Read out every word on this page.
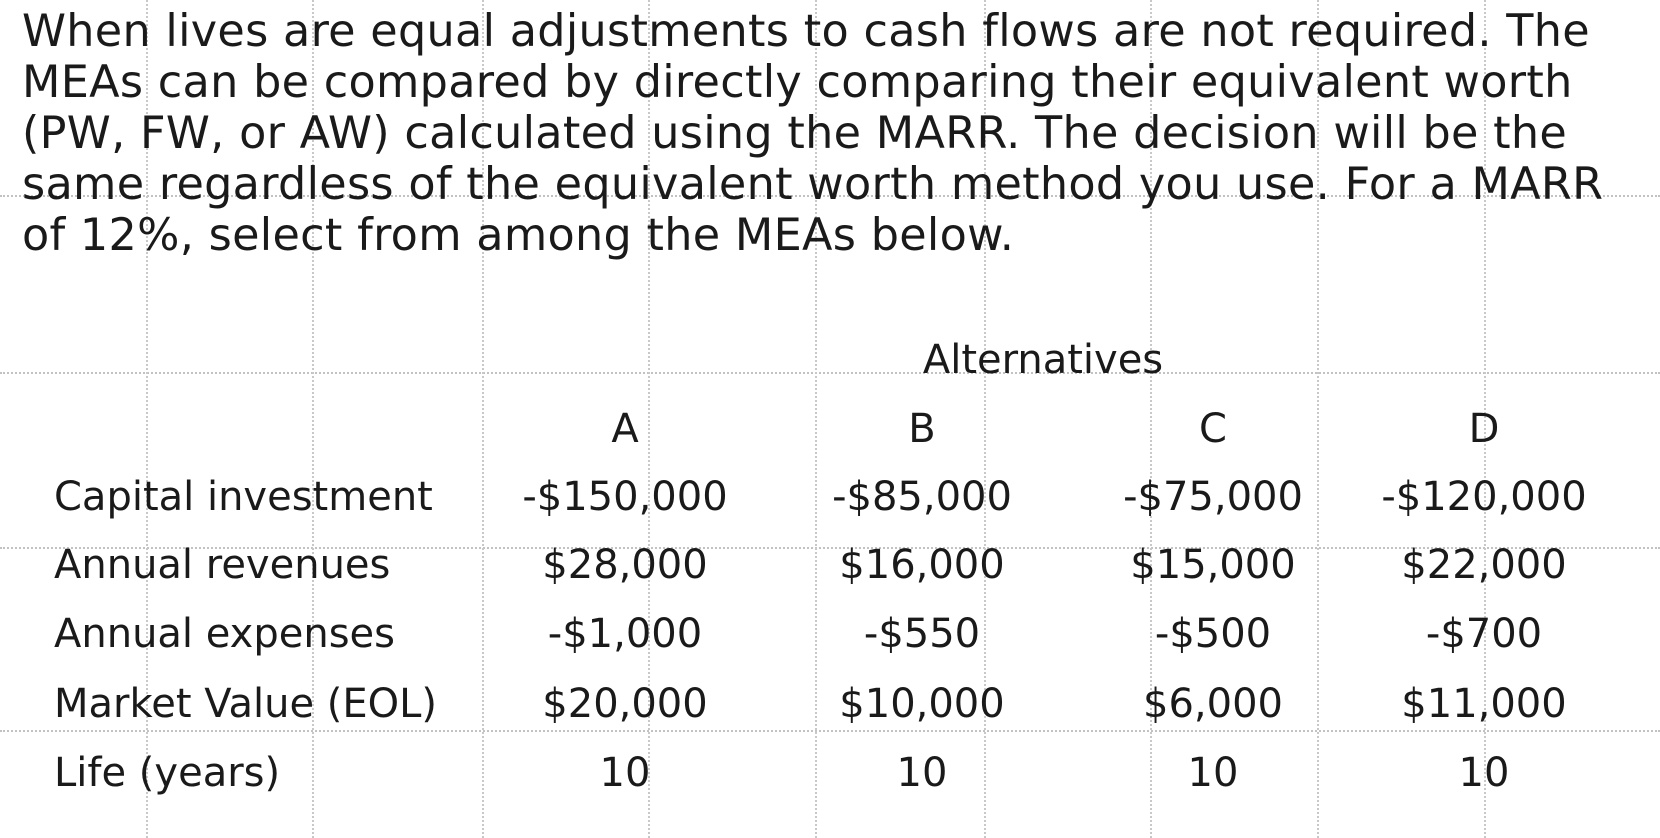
When lives are equal adjustments to cash flows are not required. The
MEAs can be compared by directly comparing their equivalent worth
(PW, FW, or AW) calculated using the MARR. The decision will be the
same regardless of the equivalent worth method you use. For a MARR
of 12%, select from among the MEAs below.
Alternatives
A	B	C	D
Capital investment -$150,000	-$85,000	-$75,000 -$120,000
Annual revenues	$28,000	$16,000	$15,000	$22,000
Annual expenses	-$1,000	-$550	-$500	-$700
Market Value (EOL)	$20,000	$10,000	$6,000	$11,000
Life (years)	10	10	10	10
